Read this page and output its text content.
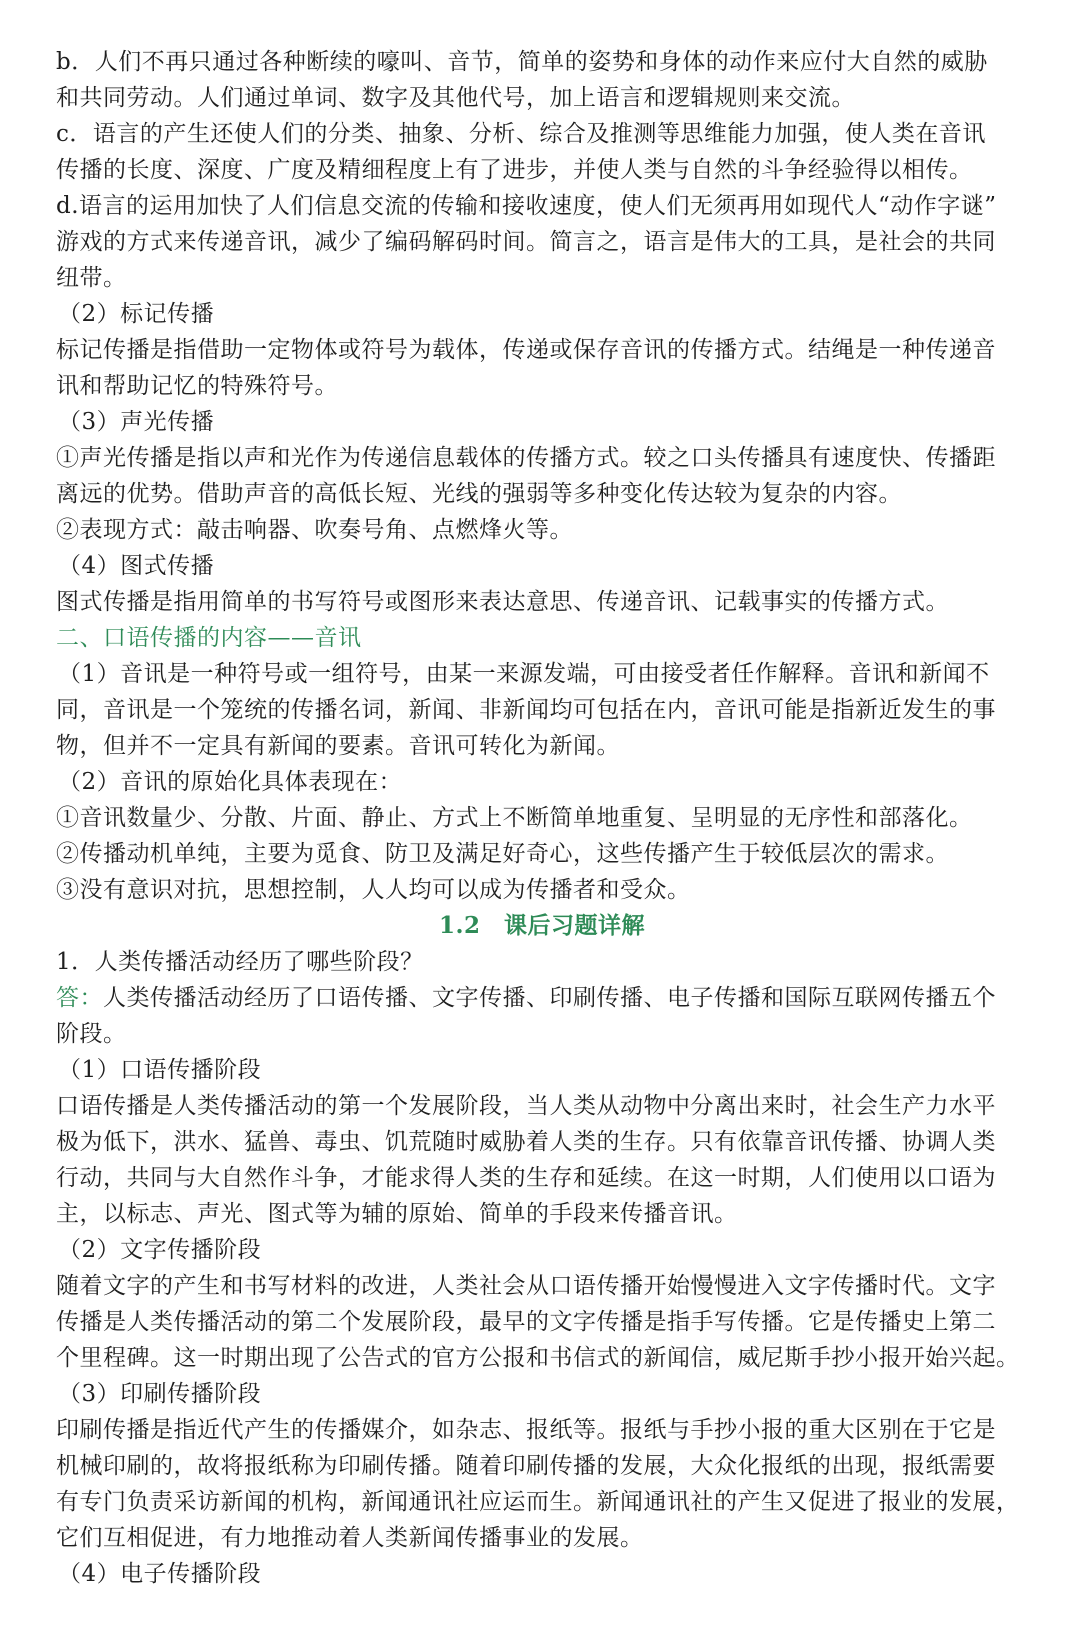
b．人们不再只通过各种断续的嚎叫、音节，简单的姿势和身体的动作来应付大自然的威胁
和共同劳动。人们通过单词、数字及其他代号，加上语言和逻辑规则来交流。
c．语言的产生还使人们的分类、抽象、分析、综合及推测等思维能力加强，使人类在音讯
传播的长度、深度、广度及精细程度上有了进步，并使人类与自然的斗争经验得以相传。
d.语言的运用加快了人们信息交流的传输和接收速度，使人们无须再用如现代人“动作字谜”
游戏的方式来传递音讯，减少了编码解码时间。简言之，语言是伟大的工具，是社会的共同
纽带。
（2）标记传播
标记传播是指借助一定物体或符号为载体，传递或保存音讯的传播方式。结绳是一种传递音
讯和帮助记忆的特殊符号。
（3）声光传播
①声光传播是指以声和光作为传递信息载体的传播方式。较之口头传播具有速度快、传播距
离远的优势。借助声音的高低长短、光线的强弱等多种变化传达较为复杂的内容。
②表现方式：敲击响器、吹奏号角、点燃烽火等。
（4）图式传播
图式传播是指用简单的书写符号或图形来表达意思、传递音讯、记载事实的传播方式。
二、口语传播的内容——音讯
（1）音讯是一种符号或一组符号，由某一来源发端，可由接受者任作解释。音讯和新闻不
同，音讯是一个笼统的传播名词，新闻、非新闻均可包括在内，音讯可能是指新近发生的事
物，但并不一定具有新闻的要素。音讯可转化为新闻。
（2）音讯的原始化具体表现在：
①音讯数量少、分散、片面、静止、方式上不断简单地重复、呈明显的无序性和部落化。
②传播动机单纯，主要为觅食、防卫及满足好奇心，这些传播产生于较低层次的需求。
③没有意识对抗，思想控制，人人均可以成为传播者和受众。
1.2　课后习题详解
1．人类传播活动经历了哪些阶段？
答：人类传播活动经历了口语传播、文字传播、印刷传播、电子传播和国际互联网传播五个
阶段。
（1）口语传播阶段
口语传播是人类传播活动的第一个发展阶段，当人类从动物中分离出来时，社会生产力水平
极为低下，洪水、猛兽、毒虫、饥荒随时威胁着人类的生存。只有依靠音讯传播、协调人类
行动，共同与大自然作斗争，才能求得人类的生存和延续。在这一时期，人们使用以口语为
主，以标志、声光、图式等为辅的原始、简单的手段来传播音讯。
（2）文字传播阶段
随着文字的产生和书写材料的改进，人类社会从口语传播开始慢慢进入文字传播时代。文字
传播是人类传播活动的第二个发展阶段，最早的文字传播是指手写传播。它是传播史上第二
个里程碑。这一时期出现了公告式的官方公报和书信式的新闻信，威尼斯手抄小报开始兴起。
（3）印刷传播阶段
印刷传播是指近代产生的传播媒介，如杂志、报纸等。报纸与手抄小报的重大区别在于它是
机械印刷的，故将报纸称为印刷传播。随着印刷传播的发展，大众化报纸的出现，报纸需要
有专门负责采访新闻的机构，新闻通讯社应运而生。新闻通讯社的产生又促进了报业的发展，
它们互相促进，有力地推动着人类新闻传播事业的发展。
（4）电子传播阶段
